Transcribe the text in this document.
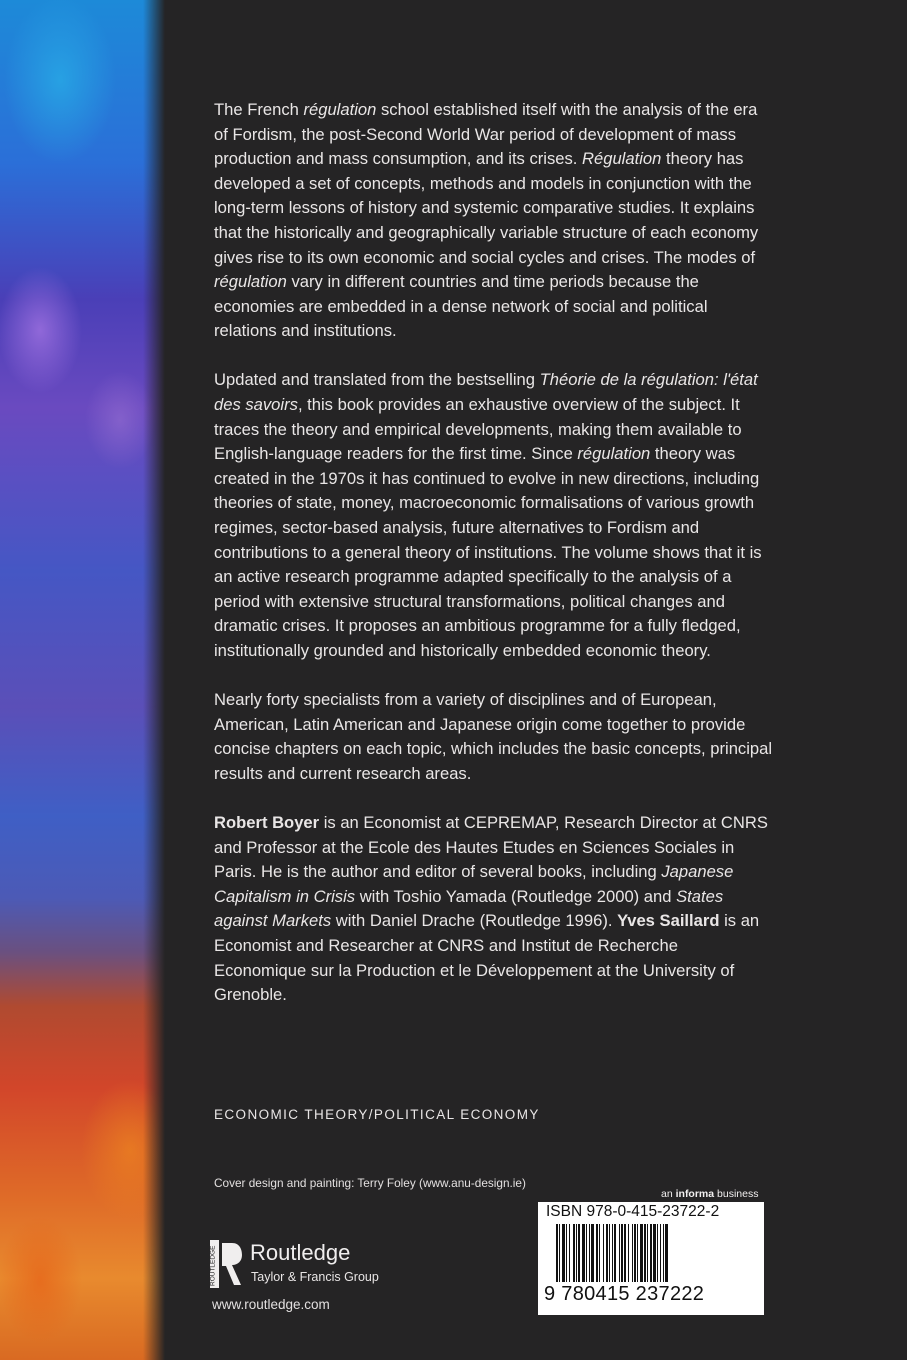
The French régulation school established itself with the analysis of the era of Fordism, the post-Second World War period of development of mass production and mass consumption, and its crises. Régulation theory has developed a set of concepts, methods and models in conjunction with the long-term lessons of history and systemic comparative studies. It explains that the historically and geographically variable structure of each economy gives rise to its own economic and social cycles and crises. The modes of régulation vary in different countries and time periods because the economies are embedded in a dense network of social and political relations and institutions.

Updated and translated from the bestselling Théorie de la régulation: l'état des savoirs, this book provides an exhaustive overview of the subject. It traces the theory and empirical developments, making them available to English-language readers for the first time. Since régulation theory was created in the 1970s it has continued to evolve in new directions, including theories of state, money, macroeconomic formalisations of various growth regimes, sector-based analysis, future alternatives to Fordism and contributions to a general theory of institutions. The volume shows that it is an active research programme adapted specifically to the analysis of a period with extensive structural transformations, political changes and dramatic crises. It proposes an ambitious programme for a fully fledged, institutionally grounded and historically embedded economic theory.

Nearly forty specialists from a variety of disciplines and of European, American, Latin American and Japanese origin come together to provide concise chapters on each topic, which includes the basic concepts, principal results and current research areas.

Robert Boyer is an Economist at CEPREMAP, Research Director at CNRS and Professor at the Ecole des Hautes Etudes en Sciences Sociales in Paris. He is the author and editor of several books, including Japanese Capitalism in Crisis with Toshio Yamada (Routledge 2000) and States against Markets with Daniel Drache (Routledge 1996). Yves Saillard is an Economist and Researcher at CNRS and Institut de Recherche Economique sur la Production et le Développement at the University of Grenoble.

ECONOMIC THEORY/POLITICAL ECONOMY
Cover design and painting: Terry Foley (www.anu-design.ie)
ROUTLEDGE Routledge
Taylor & Francis Group
www.routledge.com
an informa business
ISBN 978-0-415-23722-2
9 780415 237222
